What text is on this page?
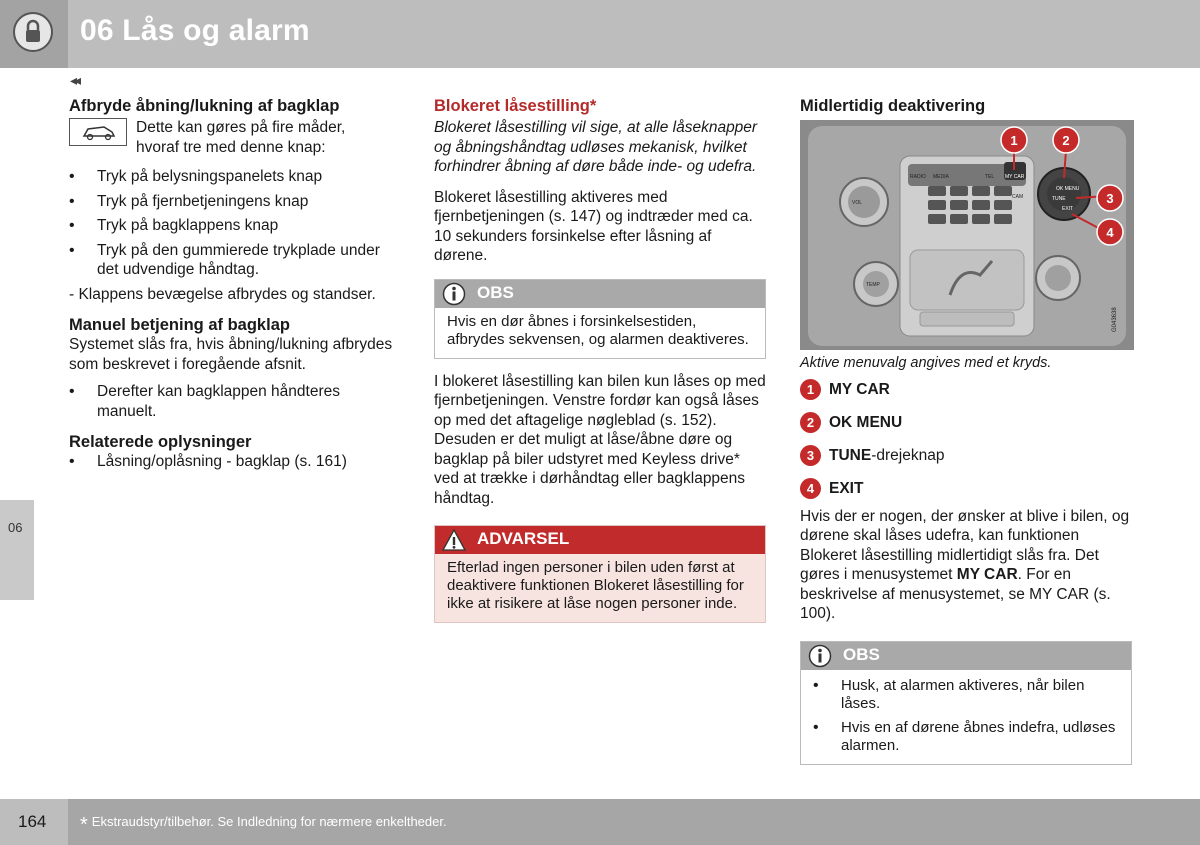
06 Lås og alarm
◂◂
06
Afbryde åbning/lukning af bagklap
Dette kan gøres på fire måder,
hvoraf tre med denne knap:
• Tryk på belysningspanelets knap
• Tryk på fjernbetjeningens knap
• Tryk på bagklappens knap
• Tryk på den gummierede trykplade under det udvendige håndtag.

- Klappens bevægelse afbrydes og standser.

Manuel betjening af bagklap

Systemet slås fra, hvis åbning/lukning afbrydes som beskrevet i foregående afsnit.

• Derefter kan bagklappen håndteres manuelt.
Relaterede oplysninger
• Låsning/oplåsning - bagklap (s. 161)
Blokeret låsestilling*

Blokeret låsestilling vil sige, at alle låseknapper og åbningshåndtag udløses mekanisk, hvilket forhindrer åbning af døre både inde- og udefra.

Blokeret låsestilling aktiveres med fjernbetjeningen (s. 147) og indtræder med ca. 10 sekunders forsinkelse efter låsning af dørene.

OBS
Hvis en dør åbnes i forsinkelsestiden, afbrydes sekvensen, og alarmen deaktiveres.

I blokeret låsestilling kan bilen kun låses op med fjernbetjeningen. Venstre fordør kan også låses op med det aftagelige nøgleblad (s. 152). Desuden er det muligt at låse/åbne døre og bagklap på biler udstyret med Keyless drive* ved at trække i dørhåndtag eller bagklappens håndtag.

ADVARSEL
Efterlad ingen personer i bilen uden først at deaktivere funktionen Blokeret låsestilling for ikke at risikere at låse nogen personer inde.
Midlertidig deaktivering
RADIO MEDIA	TEL MY CAR
CAM
VOL
OK MENU
TUNE
EXIT
TEMP
G043638
1	2
3
4

Aktive menuvalg angives med et kryds.

1 MY CAR
2 OK MENU
3 TUNE-drejeknap
4 EXIT

Hvis der er nogen, der ønsker at blive i bilen, og dørene skal låses udefra, kan funktionen Blokeret låsestilling midlertidigt slås fra. Det gøres i menusystemet MY CAR. For en beskrivelse af menusystemet, se MY CAR (s. 100).

OBS
• Husk, at alarmen aktiveres, når bilen låses.
• Hvis en af dørene åbnes indefra, udløses alarmen.
164 * Ekstraudstyr/tilbehør. Se Indledning for nærmere enkeltheder.
